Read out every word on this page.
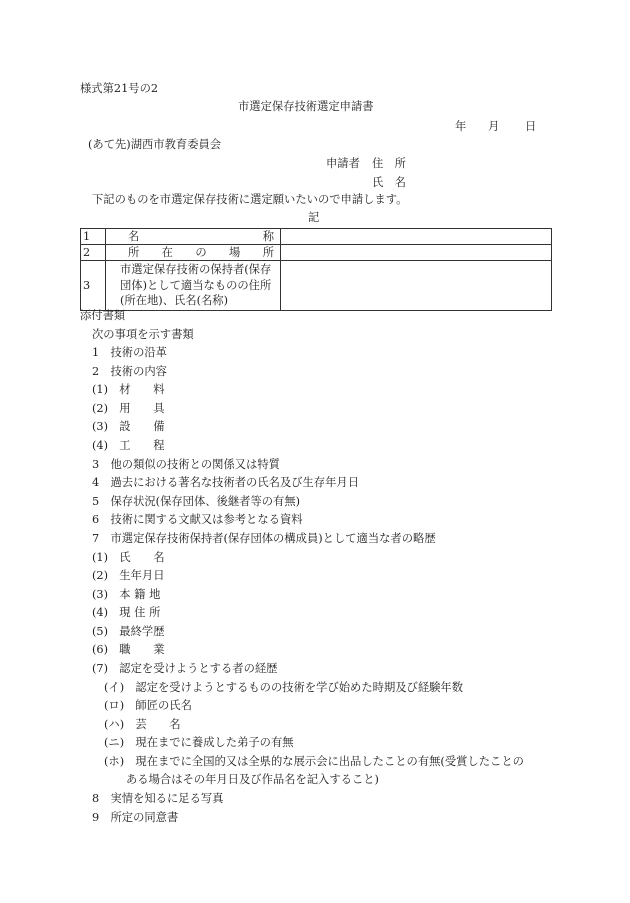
様式第21号の2
市選定保存技術選定申請書
年 月 日
(あて先)湖西市教育委員会
申請者 住　所
氏　名
下記のものを市選定保存技術に選定願いたいので申請します。
記
1	名 称	

2	所 在 の 場 所	

3	市選定保存技術の保持者(保存団体)として適当なものの住所(所在地)、氏名(名称)	
添付書類
次の事項を示す書類
1　技術の沿革
2　技術の内容
(1)　材　　料
(2)　用　　具
(3)　設　　備
(4)　工　　程
3　他の類似の技術との関係又は特質
4　過去における著名な技術者の氏名及び生存年月日
5　保存状況(保存団体、後継者等の有無)
6　技術に関する文献又は参考となる資料
7　市選定保存技術保持者(保存団体の構成員)として適当な者の略歴
(1)　氏　　名
(2)　生年月日
(3)　本 籍 地
(4)　現 住 所
(5)　最終学歴
(6)　職　　業
(7)　認定を受けようとする者の経歴
(イ)　認定を受けようとするものの技術を学び始めた時期及び経験年数
(ロ)　師匠の氏名
(ハ)　芸　　名
(ニ)　現在までに養成した弟子の有無
(ホ)　現在までに全国的又は全県的な展示会に出品したことの有無(受賞したことの
ある場合はその年月日及び作品名を記入すること)
8　実情を知るに足る写真
9　所定の同意書
